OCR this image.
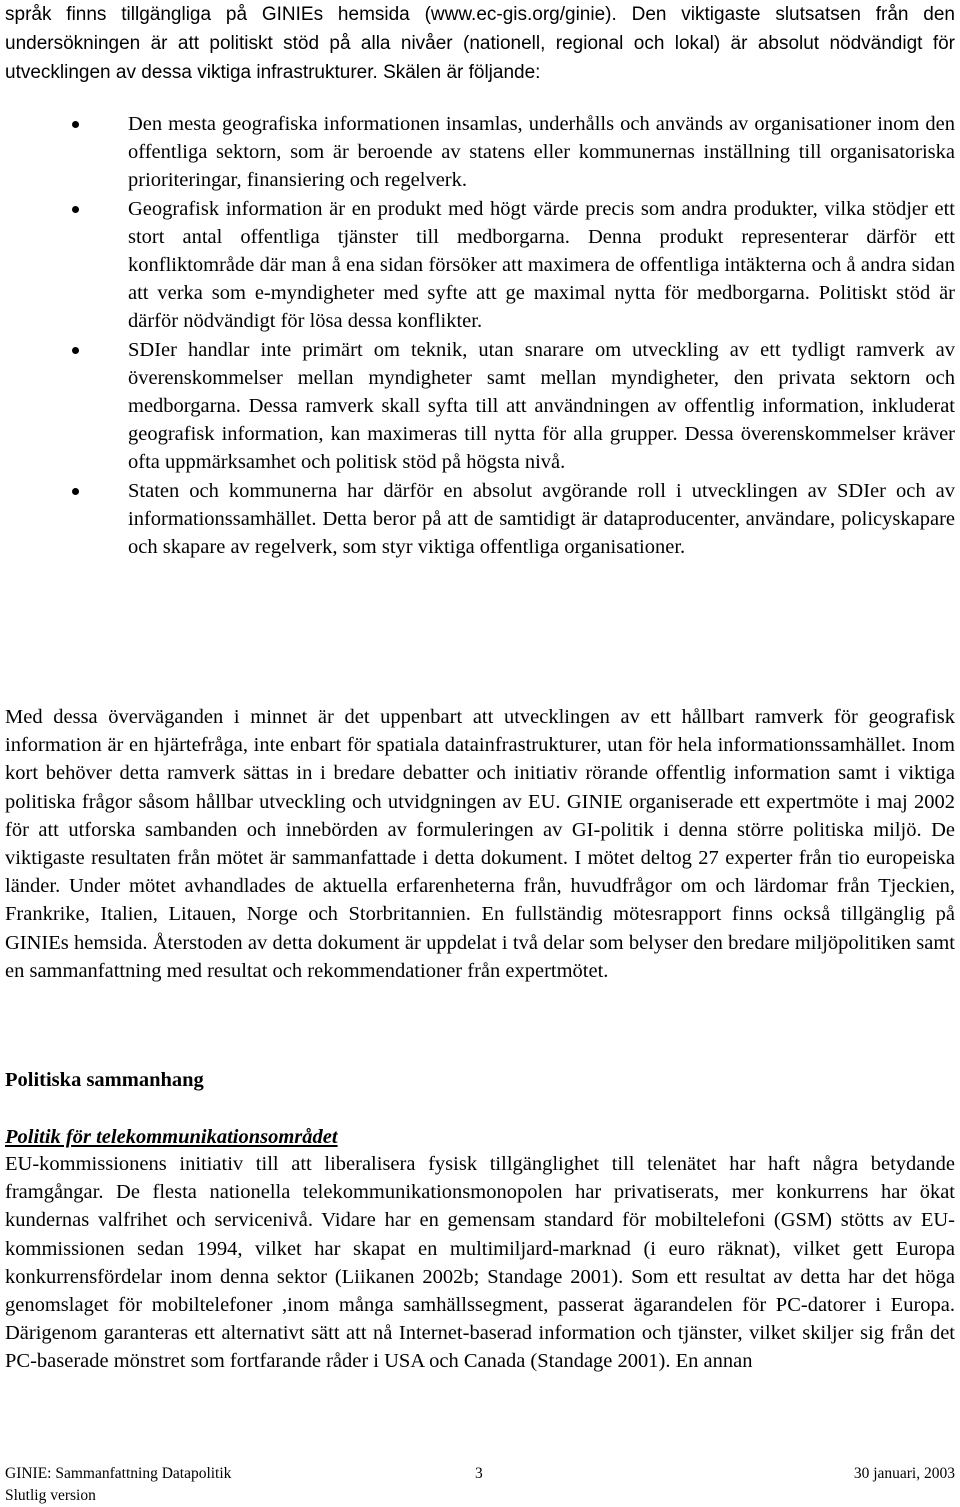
språk finns tillgängliga på GINIEs hemsida (www.ec-gis.org/ginie). Den viktigaste slutsatsen från den undersökningen är att politiskt stöd på alla nivåer (nationell, regional och lokal) är absolut nödvändigt för utvecklingen av dessa viktiga infrastrukturer. Skälen är följande:

Den mesta geografiska informationen insamlas, underhålls och används av organisationer inom den offentliga sektorn, som är beroende av statens eller kommunernas inställning till organisatoriska prioriteringar, finansiering och regelverk.
Geografisk information är en produkt med högt värde precis som andra produkter, vilka stödjer ett stort antal offentliga tjänster till medborgarna. Denna produkt representerar därför ett konfliktområde där man å ena sidan försöker att maximera de offentliga intäkterna och å andra sidan att verka som e-myndigheter med syfte att ge maximal nytta för medborgarna. Politiskt stöd är därför nödvändigt för lösa dessa konflikter.
SDIer handlar inte primärt om teknik, utan snarare om utveckling av ett tydligt ramverk av överenskommelser mellan myndigheter samt mellan myndigheter, den privata sektorn och medborgarna. Dessa ramverk skall syfta till att användningen av offentlig information, inkluderat geografisk information, kan maximeras till nytta för alla grupper. Dessa överenskommelser kräver ofta uppmärksamhet och politisk stöd på högsta nivå.
Staten och kommunerna har därför en absolut avgörande roll i utvecklingen av SDIer och av informationssamhället. Detta beror på att de samtidigt är dataproducenter, användare, policyskapare och skapare av regelverk, som styr viktiga offentliga organisationer.

Med dessa överväganden i minnet är det uppenbart att utvecklingen av ett hållbart ramverk för geografisk information är en hjärtefråga, inte enbart för spatiala datainfrastrukturer, utan för hela informationssamhället. Inom kort behöver detta ramverk sättas in i bredare debatter och initiativ rörande offentlig information samt i viktiga politiska frågor såsom hållbar utveckling och utvidgningen av EU. GINIE organiserade ett expertmöte i maj 2002 för att utforska sambanden och innebörden av formuleringen av GI-politik i denna större politiska miljö. De viktigaste resultaten från mötet är sammanfattade i detta dokument. I mötet deltog 27 experter från tio europeiska länder. Under mötet avhandlades de aktuella erfarenheterna från, huvudfrågor om och lärdomar från Tjeckien, Frankrike, Italien, Litauen, Norge och Storbritannien. En fullständig mötesrapport finns också tillgänglig på GINIEs hemsida. Återstoden av detta dokument är uppdelat i två delar som belyser den bredare miljöpolitiken samt en sammanfattning med resultat och rekommendationer från expertmötet.

Politiska sammanhang
Politik för telekommunikationsområdet

EU-kommissionens initiativ till att liberalisera fysisk tillgänglighet till telenätet har haft några betydande framgångar. De flesta nationella telekommunikationsmonopolen har privatiserats, mer konkurrens har ökat kundernas valfrihet och servicenivå. Vidare har en gemensam standard för mobiltelefoni (GSM) stötts av EU-kommissionen sedan 1994, vilket har skapat en multimiljard-marknad (i euro räknat), vilket gett Europa konkurrensfördelar inom denna sektor (Liikanen 2002b; Standage 2001). Som ett resultat av detta har det höga genomslaget för mobiltelefoner ,inom många samhällssegment, passerat ägarandelen för PC-datorer i Europa. Därigenom garanteras ett alternativt sätt att nå Internet-baserad information och tjänster, vilket skiljer sig från det PC-baserade mönstret som fortfarande råder i USA och Canada (Standage 2001). En annan

GINIE: Sammanfattning Datapolitik	3	30 januari, 2003
Slutlig version
